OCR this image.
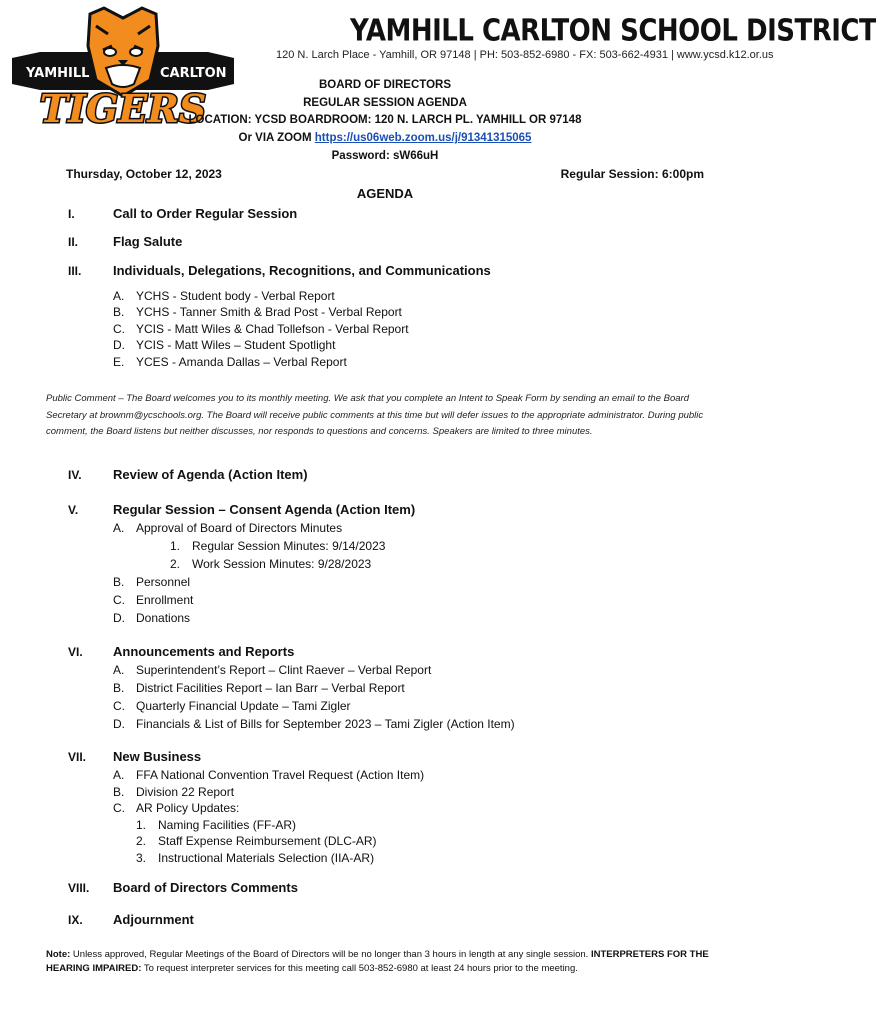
YAMHILL	CARLTON
TIGERS
YAMHILL CARLTON SCHOOL DISTRICT
120 N. Larch Place - Yamhill, OR 97148 | PH: 503-852-6980 - FX: 503-662-4931 | www.ycsd.k12.or.us
BOARD OF DIRECTORS
REGULAR SESSION AGENDA
LOCATION: YCSD BOARDROOM: 120 N. LARCH PL. YAMHILL OR 97148
Or VIA ZOOM https://us06web.zoom.us/j/91341315065
Password: sW66uH
Thursday, October 12, 2023	Regular Session: 6:00pm
AGENDA
I.	Call to Order Regular Session
II.	Flag Salute
III. Individuals, Delegations, Recognitions, and Communications
A. YCHS - Student body - Verbal Report
B. YCHS - Tanner Smith & Brad Post - Verbal Report
C. YCIS - Matt Wiles & Chad Tollefson - Verbal Report
D. YCIS - Matt Wiles – Student Spotlight
E. YCES - Amanda Dallas – Verbal Report
Public Comment – The Board welcomes you to its monthly meeting. We ask that you complete an Intent to Speak Form by sending an email to the Board Secretary at brownm@ycschools.org. The Board will receive public comments at this time but will defer issues to the appropriate administrator. During public comment, the Board listens but neither discusses, nor responds to questions and concerns. Speakers are limited to three minutes.
IV. Review of Agenda (Action Item)
V.	Regular Session – Consent Agenda (Action Item)
A. Approval of Board of Directors Minutes
1. Regular Session Minutes: 9/14/2023
2. Work Session Minutes: 9/28/2023
B. Personnel
C. Enrollment
D. Donations
VI. Announcements and Reports
A. Superintendent’s Report – Clint Raever – Verbal Report
B. District Facilities Report – Ian Barr – Verbal Report
C. Quarterly Financial Update – Tami Zigler
D. Financials & List of Bills for September 2023 – Tami Zigler (Action Item)
VII. New Business
A. FFA National Convention Travel Request (Action Item)
B. Division 22 Report
C. AR Policy Updates:
1. Naming Facilities (FF-AR)
2. Staff Expense Reimbursement (DLC-AR)
3. Instructional Materials Selection (IIA-AR)
VIII. Board of Directors Comments
IX. Adjournment
Note: Unless approved, Regular Meetings of the Board of Directors will be no longer than 3 hours in length at any single session. INTERPRETERS FOR THE HEARING IMPAIRED: To request interpreter services for this meeting call 503-852-6980 at least 24 hours prior to the meeting.
